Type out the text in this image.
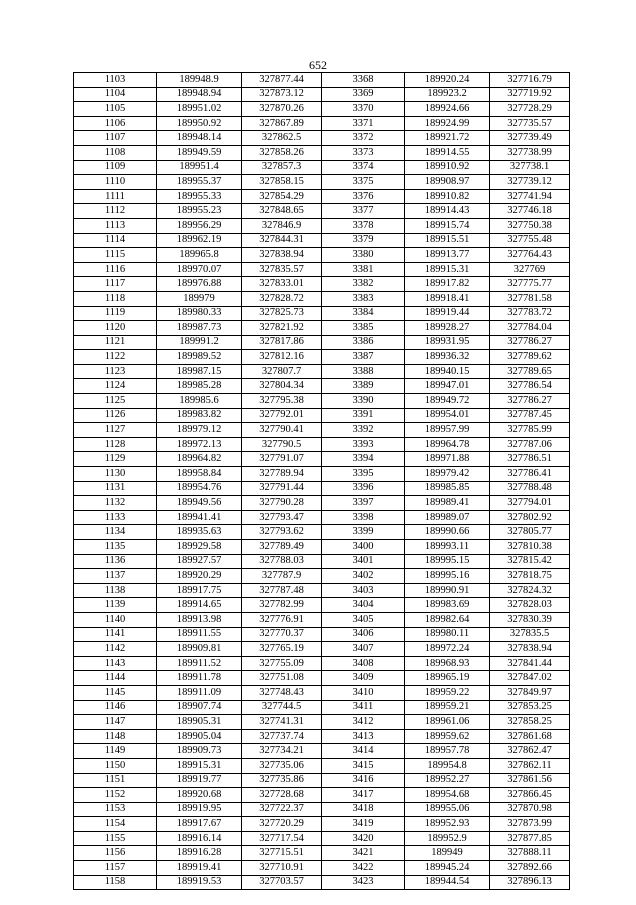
652
1103	189948.9	327877.44	3368	189920.24	327716.79
1104	189948.94	327873.12	3369	189923.2	327719.92
1105	189951.02	327870.26	3370	189924.66	327728.29
1106	189950.92	327867.89	3371	189924.99	327735.57
1107	189948.14	327862.5	3372	189921.72	327739.49
1108	189949.59	327858.26	3373	189914.55	327738.99
1109	189951.4	327857.3	3374	189910.92	327738.1
1110	189955.37	327858.15	3375	189908.97	327739.12
1111	189955.33	327854.29	3376	189910.82	327741.94
1112	189955.23	327848.65	3377	189914.43	327746.18
1113	189956.29	327846.9	3378	189915.74	327750.38
1114	189962.19	327844.31	3379	189915.51	327755.48
1115	189965.8	327838.94	3380	189913.77	327764.43
1116	189970.07	327835.57	3381	189915.31	327769
1117	189976.88	327833.01	3382	189917.82	327775.77
1118	189979	327828.72	3383	189918.41	327781.58
1119	189980.33	327825.73	3384	189919.44	327783.72
1120	189987.73	327821.92	3385	189928.27	327784.04
1121	189991.2	327817.86	3386	189931.95	327786.27
1122	189989.52	327812.16	3387	189936.32	327789.62
1123	189987.15	327807.7	3388	189940.15	327789.65
1124	189985.28	327804.34	3389	189947.01	327786.54
1125	189985.6	327795.38	3390	189949.72	327786.27
1126	189983.82	327792.01	3391	189954.01	327787.45
1127	189979.12	327790.41	3392	189957.99	327785.99
1128	189972.13	327790.5	3393	189964.78	327787.06
1129	189964.82	327791.07	3394	189971.88	327786.51
1130	189958.84	327789.94	3395	189979.42	327786.41
1131	189954.76	327791.44	3396	189985.85	327788.48
1132	189949.56	327790.28	3397	189989.41	327794.01
1133	189941.41	327793.47	3398	189989.07	327802.92
1134	189935.63	327793.62	3399	189990.66	327805.77
1135	189929.58	327789.49	3400	189993.11	327810.38
1136	189927.57	327788.03	3401	189995.15	327815.42
1137	189920.29	327787.9	3402	189995.16	327818.75
1138	189917.75	327787.48	3403	189990.91	327824.32
1139	189914.65	327782.99	3404	189983.69	327828.03
1140	189913.98	327776.91	3405	189982.64	327830.39
1141	189911.55	327770.37	3406	189980.11	327835.5
1142	189909.81	327765.19	3407	189972.24	327838.94
1143	189911.52	327755.09	3408	189968.93	327841.44
1144	189911.78	327751.08	3409	189965.19	327847.02
1145	189911.09	327748.43	3410	189959.22	327849.97
1146	189907.74	327744.5	3411	189959.21	327853.25
1147	189905.31	327741.31	3412	189961.06	327858.25
1148	189905.04	327737.74	3413	189959.62	327861.68
1149	189909.73	327734.21	3414	189957.78	327862.47
1150	189915.31	327735.06	3415	189954.8	327862.11
1151	189919.77	327735.86	3416	189952.27	327861.56
1152	189920.68	327728.68	3417	189954.68	327866.45
1153	189919.95	327722.37	3418	189955.06	327870.98
1154	189917.67	327720.29	3419	189952.93	327873.99
1155	189916.14	327717.54	3420	189952.9	327877.85
1156	189916.28	327715.51	3421	189949	327888.11
1157	189919.41	327710.91	3422	189945.24	327892.66
1158	189919.53	327703.57	3423	189944.54	327896.13
